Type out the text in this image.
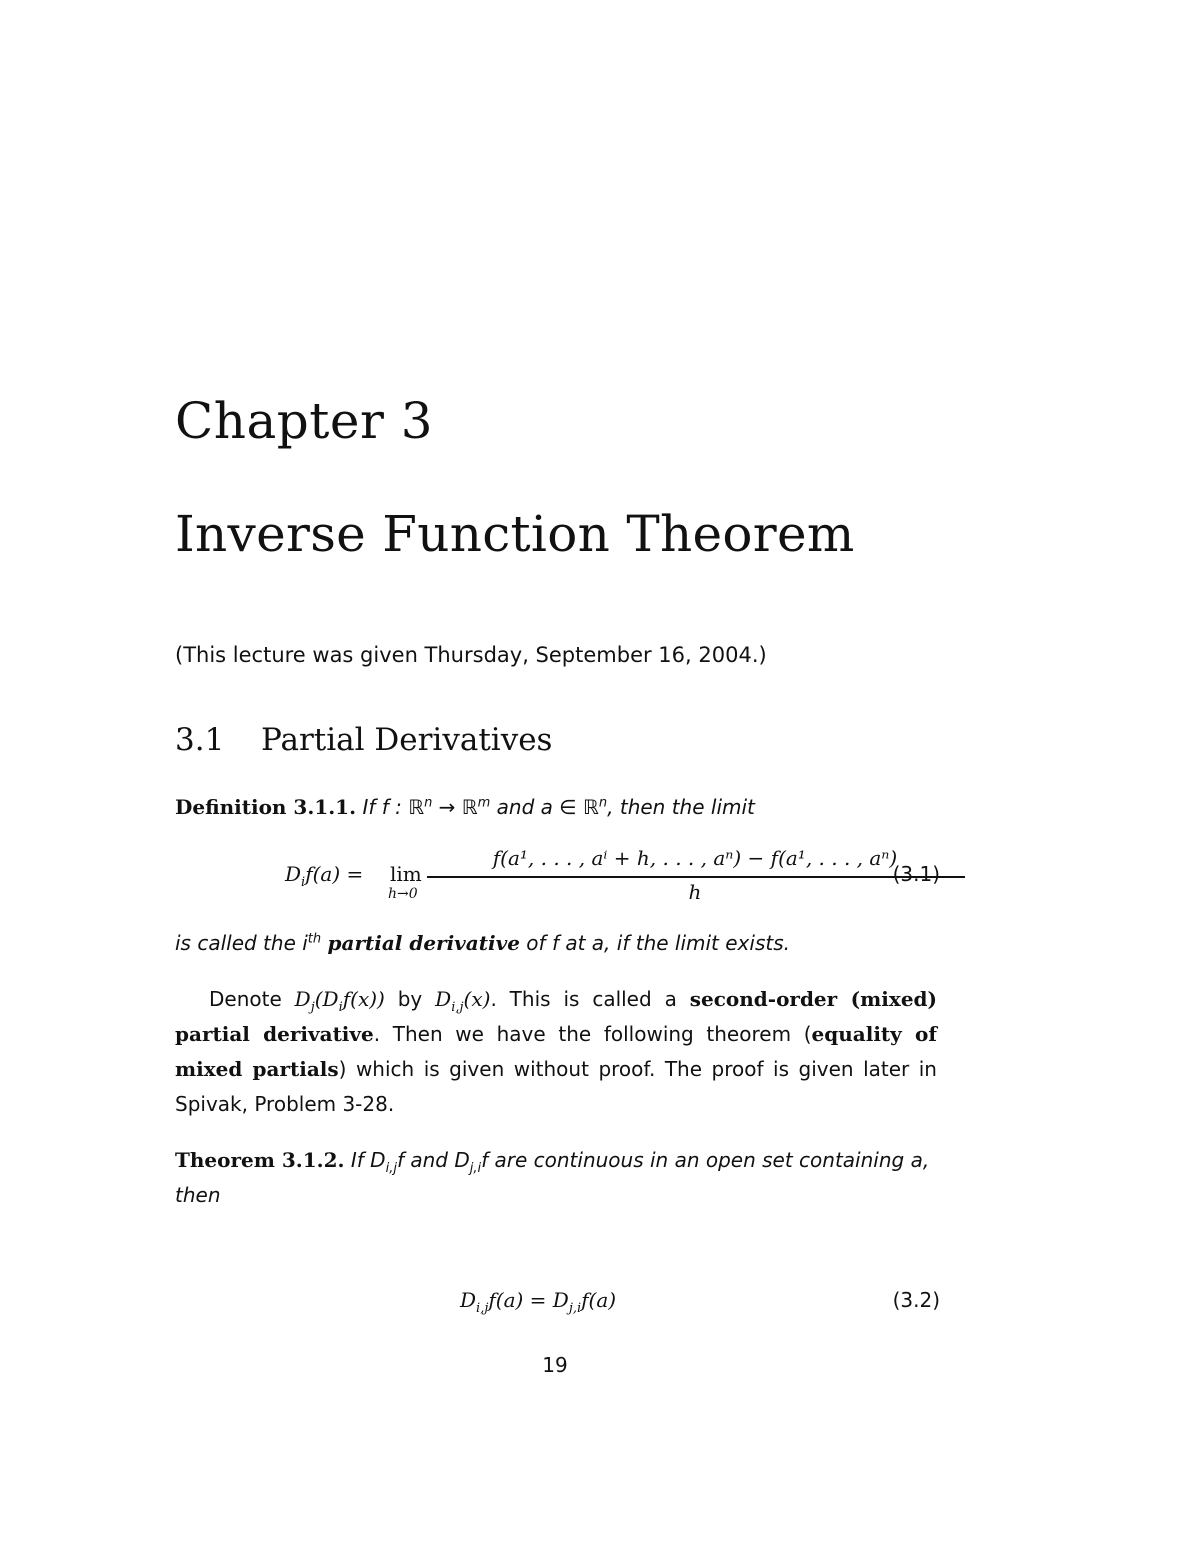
Chapter 3
Inverse Function Theorem
(This lecture was given Thursday, September 16, 2004.)
3.1 Partial Derivatives
Definition 3.1.1. If f : ℝ$^n$ → ℝ$^m$ and a ∈ ℝ$^n$, then the limit
$D_if(a) = \lim$
h→0
f(a¹, . . . , aⁱ + h, . . . , aⁿ) − f(a¹, . . . , aⁿ)
h
(3.1)
is called the $i^{th}$ partial derivative of f at a, if the limit exists.
Denote $D_j(D_if(x))$ by $D_{i,j}(x)$. This is called a second-order (mixed) partial derivative. Then we have the following theorem (equality of mixed partials) which is given without proof. The proof is given later in Spivak, Problem 3-28.
Theorem 3.1.2. If $D_{i,j}f$ and $D_{j,i}f$ are continuous in an open set containing a, then
$D_{i,j}f(a) = D_{j,i}f(a)$	(3.2)
19
